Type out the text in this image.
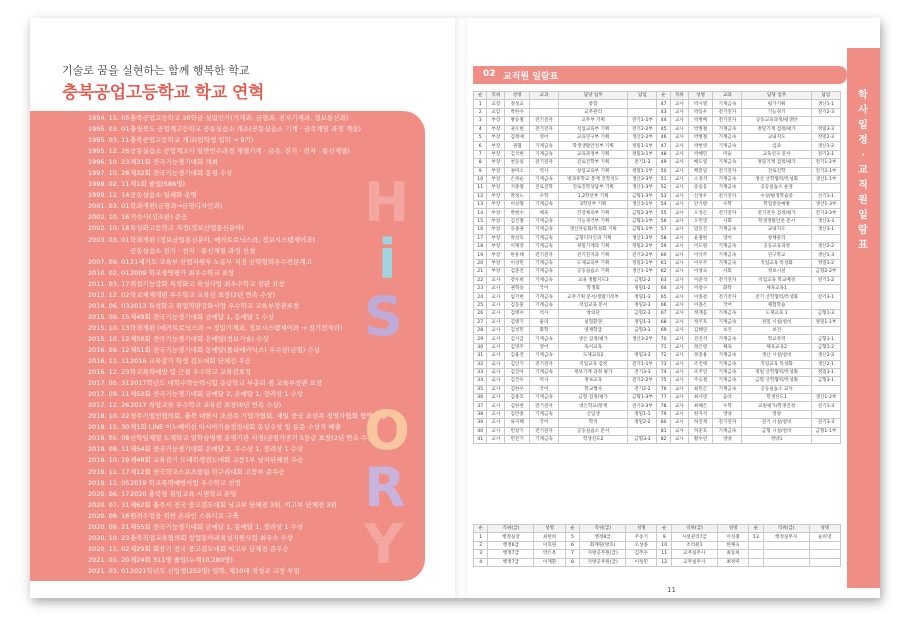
기술로 꿈을 실현하는 함께 행복한 학교
충북공업고등학교 학교 연혁
1994. 11. 05 충북공업고등학교 36학급 설립인가(기계과, 금형과, 전자기계과, 정보통신과)
1995. 03. 01 충청북도 공업계고등학교 공동실습소 개소(공동실습소 기계 · 금속계열 과정 개설)
1995. 03. 11 충북공업고등학교 개교(입학생 입학 → 9기)
1995. 12. 26 공동실습소 공업계고사 일반연수과정 계열기계 · 금속, 전기 · 전자 · 통신계열)
1996. 10. 23 제31회 전국기능경기대회 개최
1997. 10. 28 제32회 전국기능경기대회 동점 수상
1998. 02. 11 제1회 졸업(586명)
1999. 12. 14 공동실습소 일세화 운영
2001. 03. 01 학과개편(금형과→금형디자인과)
2002. 10. 16 기숙사(성조관) 준공
2002. 10. 18 특성화고등학교 지정(정보산업통신분야)
2003. 03. 01 학과개편 (정보산업통신분야, 메카트로닉스과, 정보시스템제어과)
공동실습소 전기 · 전자 · 통신계열 과정 신설
2007. 09. 01 21세기도 교육부 산업자원부 노동부 지정 산학협력우수전문계고
2010. 02. 01 2009 학교경영평가 최우수학교 표창
2011. 03. 17 취업기능강화 특성화고 육성사업 최우수학교 장관 표창
2013. 12. 02 학교체제개편 우수학교 교육감 표창(2년 연속 수상)
2014. 06. 03 2013 특성화고 취업역량강화사업 우수학교 교육부장관표창
2015. 09. 15 제49회 전국기능경기대회 금메달 1, 동메달 1 수상
2015. 10. 13 학과개편 (메카트로닉스과 → 정밀기계과, 정보시스템제어과 → 전기전자과)
2015. 10. 12 제50회 전국기능경기대회 은메달(정보기술) 수상
2016. 09. 12 제51회 전국기능경기대회 동메달(폴리메카닉스) 우수상(금형) 수상
2016. 11. 11 2016 교육감기 학생 검도대회 단체전 우승
2016. 12. 23 학교폭력예방 및 근절 우수학교 교육감표창
2017. 05. 31 2017학년도 대학수학능력시험 응급학교 부총리 겸 교육부장관 표창
2017. 09. 11 제52회 전국기능경기대회 금메달 2, 은메달 1, 장려상 1 수상
2017. 12. 26 2017 직업교육 우수학교 교육감 표창(6년 연속 수상)
2018. 10. 22 청주기업인협의회, 충북 대한시 조선족 기업가협회, 재일 중국 조선족 경영자협회 협약 체결
2018. 11. 30 제1회 LINE 이노베이션 아시아기술경진대회 동상수상 및 동문 수상자 배출
2019. 05. 08 산학일체형 도제학교 일학습병행 운영기관 지정(금형가공기 5등급 표창(2년 연속 수상)
2019. 09. 11 제54회 전국기능경기대회 은메달 3, 우수상 1, 장려상 1 수상
2019. 10. 19 제48회 교육감기 도내학생검도대회 고등1부 남자단체전 우승
2019. 11. 17 제12회 전국학교스포츠클럽 학구리대회 고등부 준우승
2019. 12. 05 2019 학교폭력예방사업 우수학교 선정
2020. 06. 17 2020 충북형 취업교육 시범학교 운영
2020. 07. 31 제62회 충주시 전국 중고검도대회 남고부 단체전 3위, 여고부 단체전 3위
2020. 08. 16 원격수업을 위한 온라인 스튜디오 구축
2020. 09. 21 제55회 전국기능경기대회 금메달 1, 동메달 1, 장려상 1 수상
2020. 10. 23 충북직업교육협의회 창업동아리육성지원사업 최우수 수상
2020. 11. 02 제29회 회장기 전국 중고검도대회 여고부 단체전 준우승
2021. 01. 20 제24회 311명 졸업(누계10,280명)
2021. 03. 01 2021학년도 신입생(252명) 입학, 제10대 정성교 교장 부임
H
i
S
T
O
R
Y
02
02 교직원 일람표
순	직위	성명	교과	담당 업무	담임	순	직위	성명	교과	담당 업무	담임
1	교장	정성교		통할		47	교사	박시열	기계금속	평가기획	생산1-1
2	교감	박한수		교무관리		43	교사	박동우	전기전자	기능경기	전기2-3
3	부장	방승철	전기전자	교무부 기획	전기1-1부	44	교사	박병배	전기전자	공동교육과정/평생반	
4	부장	권오현	전기전자	직업교육부 기획	전기2-2부	45	교사	박병철	기계금속	정밀기계 검정/평가	정밀3-3
5	부장	김정애	영어	교육연구부 기획	생산2-2부	46	교사	박병철	기계금속	교내지도	정밀2-3
6	부장	권협	기계금속	학생생활안전부 기획	정밀1-1부	47	교사	박현영	기계금속	입과	생산1-2
7	부장	김석현	기계금속	교육과정부 기획	정밀3-1부	48	교사	박혜민	미술	교육연구 문서	전기2-1
8	부장	천동일	전기전자	진로진학부 기획	전기1-2	49	교사	배도열	기계금속	정밀기계 검정/평가	전기1-2부
9	부장	권미소	역사	창업교육부 기획	정밀1-1부	50	교사	백봉일	전기전자	진로진학	전기2-1부
10	부장	손정순	기계금속	방과후학교 통계 진학지도	생산3-3부	51	교사	소경석	기계금속	생산 산학협력/특성화	생산1-1부
11	부장	지종철	진로진학	진로진학상담부 기획	생산1-3부	52	교사	송일웅	기계금속	공동실습소 운영	
12	부장	박정노	수학	1,2학년부 기획	금형1-3부	53	교사	신정우	전기전자	수상/평생학습중	선기1-1
13	부장	이상철	기계금속	3학년부 기획	생산3-1부	54	교사	안기량	수학	학업중단예방	생산1-3부
14	부장	박현수	체육	건강체육부 기획	금형2-3부	55	교사	오성곤	전기전자	전기전자 검정/평가	전기3-3부
15	부장	김진철	기계금속	기능경기부 기획	금형3-1부	56	교사	오민영	사회	학생생활안전 문서	생산3-3
16	부장	유종권	기계금속	생산자동화/특성화 기획	금형1-1부	57	교사	염동진	기계금속	교내지도	생산3-1
17	부장	박선호	기계금속	금형디자인과 기획	생산1-3부	58	교사	윤철현	영어	창체관리	
18	부장	이재영	기계금속	정밀기계과 기획	정밀2-2부	59	교사	이도원	기계금속	공동교육과정	생산2-2
19	부장	한흥태	전기전자	전기전자과 기획	전기3-2부	60	교사	이석주	기계금속	연구학교	생산1-3
20	부장	이상민	기계금속	도제교육부 기획	정밀2-1부	61	교사	이우주	기계금속	직업교육 특성화	정밀1-2
21	부장	김준진	기계금속	공동실습소 기획	생산1-1부	62	교사	이영숙	사회	정보시설	금형2-2부
22	교사	강두희	기계금속	교내 생활지도3	금형2-2	63	교사	이준석	전기전자	직업교육 학교배경	전기1-2
23	교사	권혁승	국어	학생회	정밀1-2	64	교사	이창구	화학	체육교육1	
24	교사	임기현	기계금속	교무기획 문서/생활기록부	정밀1-3	65	교사	이종걸	전기전자	전기 산학협력/특성화	전기3-1
25	교사	김동훈	기계금속	직업교육 문서	정밀2-3	66	교사	이종은	국어	체험학습	
26	교사	김병수	역사	창의단	금형2-3	67	교사	정재웅	기계금속	도제교육 1	금형1-3
27	교사	김병기	물리	실험환경	정밀1-3	68	교사	정주호	기계금속	정밀 시설/설비	정밀1-1부
28	교사	김성민	화학	영재학급	금형3-3	69	교사	김혜연	보건	보건	
29	교사	김사급	기계금속	생산 검정/평가	생산3-2부	70	교사	전진석	기계금속	학교폭력	금형1-1
30	교사	김영주	영어	독서교육		71	교사	정은영	체육	체육교육2	금형1-2
31	교사	김용진	기계금속	도제교육2	정밀3-3	72	교사	정충용	기계금속	생산 시설/설비	생산2-3
32	교사	김인기	전기전자	직업교육 검정	전기1-1부	73	교사	조진택	기계금속	직업교육 특성화	생산2-1
33	교사	김진아	기계금속	정보기계 과정 평가	전기3-3	74	교사	조주연	기계금속	정밀 산학협력/특성화	정밀3-1
34	교사	김진우	역사	정보교육	전기2-2부	75	교사	주응철	기계금속	금형 산학협력/특성화	금형3-1
35	교사	김한우	국어	학교행사	전기2-2	76	교사	최민곤	기계금속	공동실습소 교사	
36	교사	김종호	기계금속	금형 검정/평가	금형1-3부	77	교사	최서영	음악	학생선도1	생산1-2부
37	교사	김한천	전기전자	대은학교/통계	전기3-3부	78	교사	최혜은	수학	교원평가/학생진정	전기1-3
38	교사	김만종	기계금속	신입생	정밀1-1	79	교사	한지석	영양	영양	
39	교사	류지혜	국어	학적	정밀2-2	80	교사	허진재	전기전자	전기 시설/설비	전기3-3
40	교사	민창기	전기전자	공동실습소 문서		81	교사	허준호	기계금속	금형 시설/설비	금형1-1부
41	교사	민진기	기계금속	학생선도2	금형3-3	82	교사	황수연	영양	영양1	
순	직위(급)	성명	순	직위(급)	성명	순	직위(급)	성명	순	직위(급)	성명
1	행정실장	최현희	5	행정8급	주송기	9	시설관리7급	이성철	13	행정실무사	윤희영
2	행정6급	이호원	6	회계원(방호)	오성종	10	조리원1	한채숙			
3	행정7급	박은옥	7	지방공무원(급)	김추수	11	교무실무사	최동희			
4	행정7급	이재환	8	지방공무원(급)	이성민	12	교무실무사	최정미			
11
학사일정 · 교직원일람표
